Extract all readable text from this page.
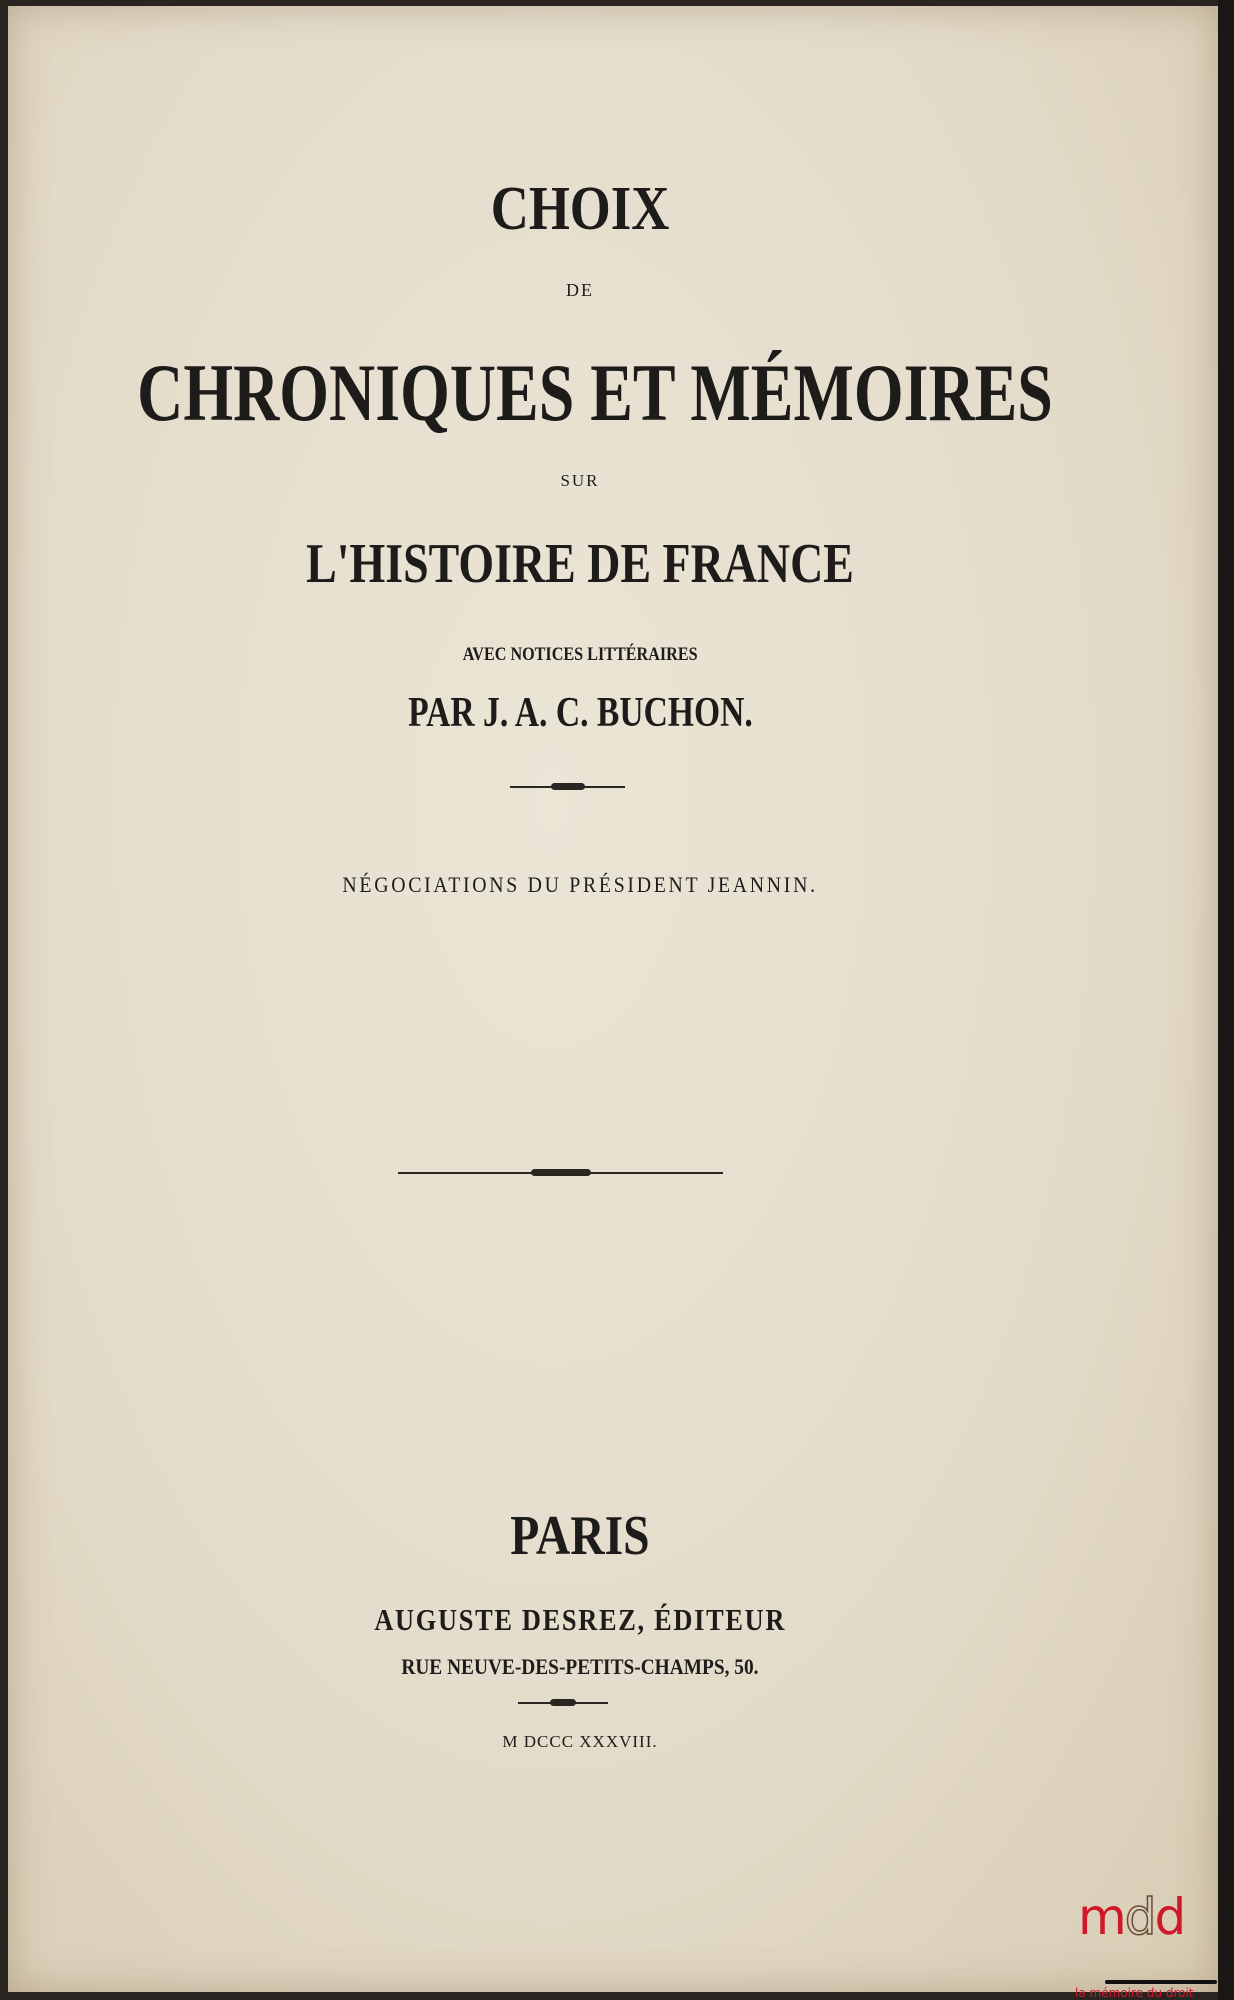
CHOIX
DE
CHRONIQUES ET MÉMOIRES
SUR
L'HISTOIRE DE FRANCE
AVEC NOTICES LITTÉRAIRES
PAR J. A. C. BUCHON.
NÉGOCIATIONS DU PRÉSIDENT JEANNIN.
PARIS
AUGUSTE DESREZ, ÉDITEUR
RUE NEUVE-DES-PETITS-CHAMPS, 50.
M DCCC XXXVIII.
mdd
la mémoire du droit
